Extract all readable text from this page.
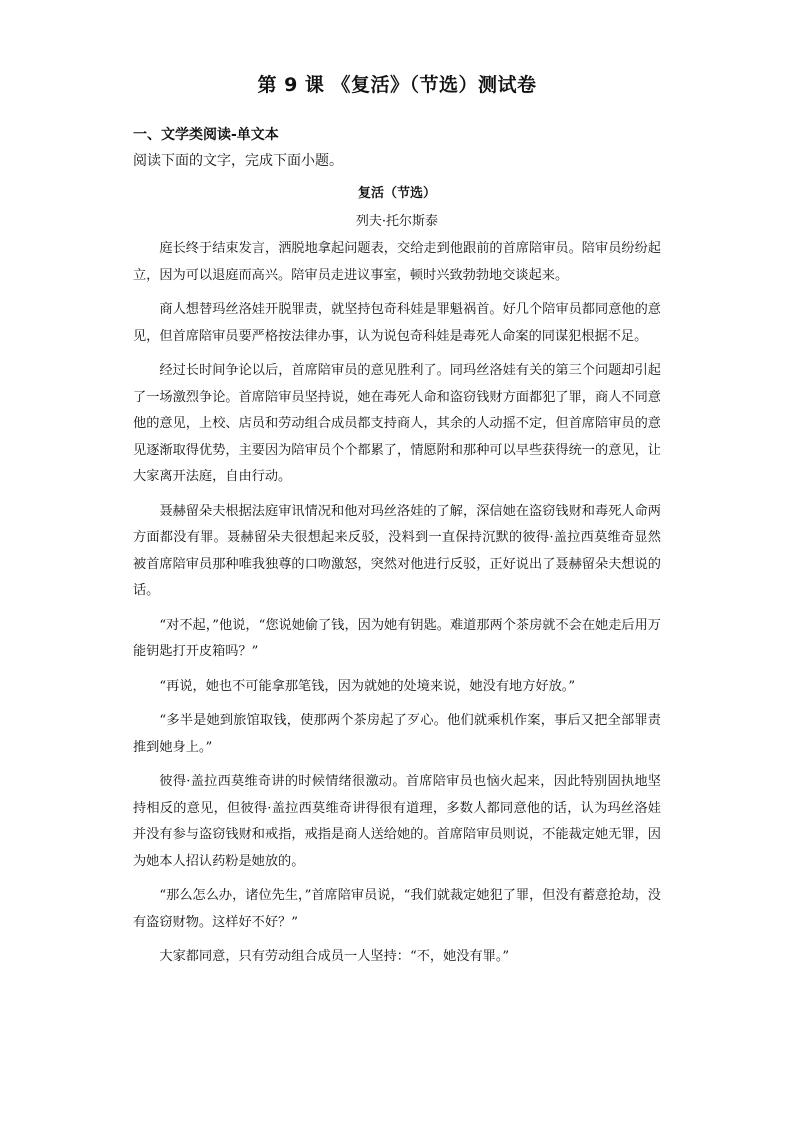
第 9 课 《复活》（节选）测试卷
一、文学类阅读-单文本
阅读下面的文字，完成下面小题。
复活（节选）
列夫·托尔斯泰

庭长终于结束发言，洒脱地拿起问题表，交给走到他跟前的首席陪审员。陪审员纷纷起立，因为可以退庭而高兴。陪审员走进议事室，顿时兴致勃勃地交谈起来。

商人想替玛丝洛娃开脱罪责，就坚持包奇科娃是罪魁祸首。好几个陪审员都同意他的意见，但首席陪审员要严格按法律办事，认为说包奇科娃是毒死人命案的同谋犯根据不足。

经过长时间争论以后，首席陪审员的意见胜利了。同玛丝洛娃有关的第三个问题却引起了一场激烈争论。首席陪审员坚持说，她在毒死人命和盗窃钱财方面都犯了罪，商人不同意他的意见，上校、店员和劳动组合成员都支持商人，其余的人动摇不定，但首席陪审员的意见逐渐取得优势，主要因为陪审员个个都累了，情愿附和那种可以早些获得统一的意见，让大家离开法庭，自由行动。

聂赫留朵夫根据法庭审讯情况和他对玛丝洛娃的了解，深信她在盗窃钱财和毒死人命两方面都没有罪。聂赫留朵夫很想起来反驳，没料到一直保持沉默的彼得·盖拉西莫维奇显然被首席陪审员那种唯我独尊的口吻激怒，突然对他进行反驳，正好说出了聂赫留朵夫想说的话。

“对不起，”他说，“您说她偷了钱，因为她有钥匙。难道那两个茶房就不会在她走后用万能钥匙打开皮箱吗？”

“再说，她也不可能拿那笔钱，因为就她的处境来说，她没有地方好放。”

“多半是她到旅馆取钱，使那两个茶房起了歹心。他们就乘机作案，事后又把全部罪责推到她身上。”

彼得·盖拉西莫维奇讲的时候情绪很激动。首席陪审员也恼火起来，因此特别固执地坚持相反的意见，但彼得·盖拉西莫维奇讲得很有道理，多数人都同意他的话，认为玛丝洛娃并没有参与盗窃钱财和戒指，戒指是商人送给她的。首席陪审员则说，不能裁定她无罪，因为她本人招认药粉是她放的。

“那么怎么办，诸位先生，”首席陪审员说，“我们就裁定她犯了罪，但没有蓄意抢劫，没有盗窃财物。这样好不好？”

大家都同意，只有劳动组合成员一人坚持：“不，她没有罪。”
